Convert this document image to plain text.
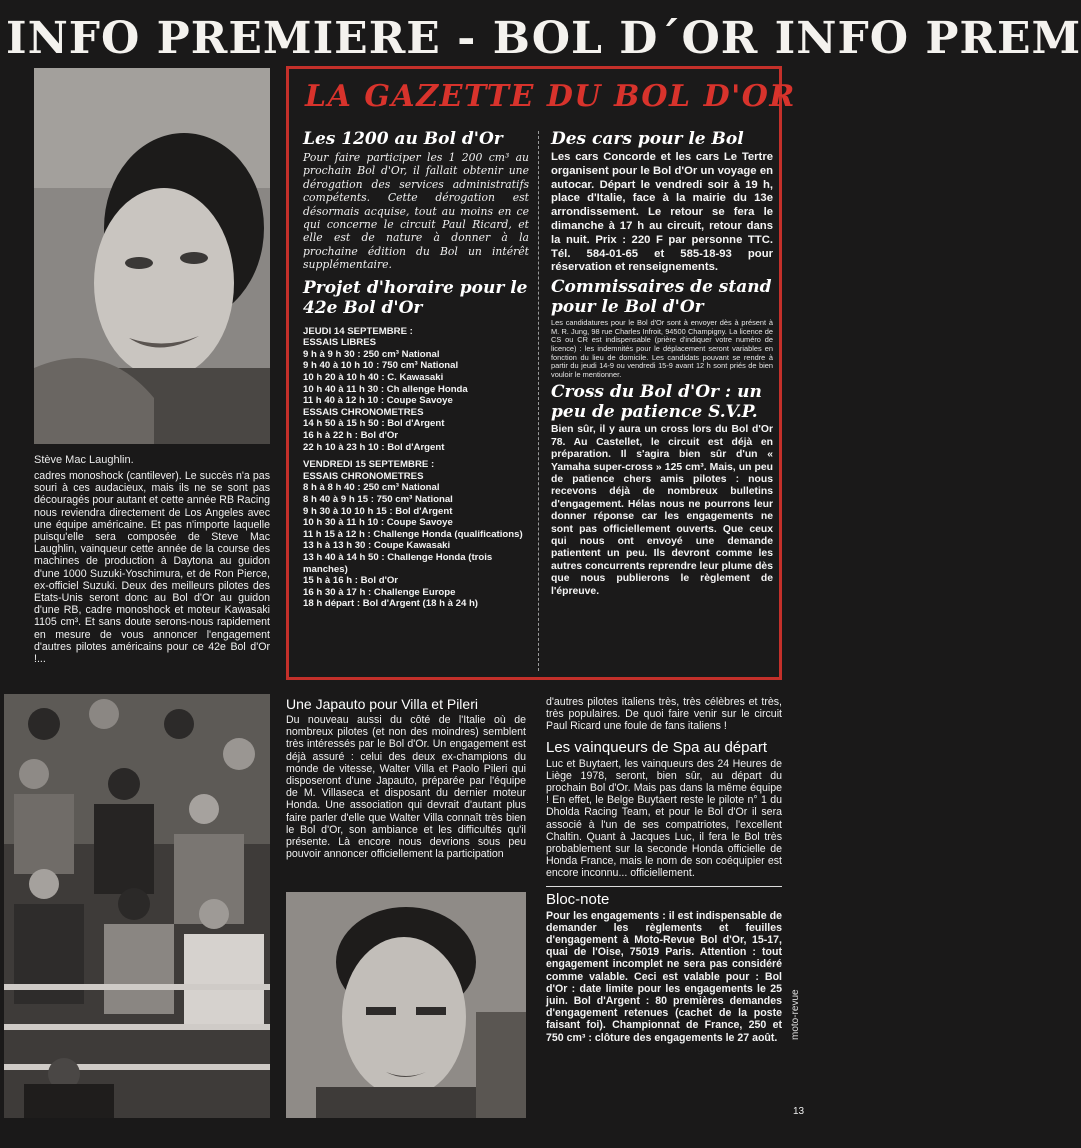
INFO PREMIERE - BOL D´OR INFO PREM
Stève Mac Laughlin.
cadres monoshock (cantilever). Le succès n'a pas souri à ces audacieux, mais ils ne se sont pas découragés pour autant et cette année RB Racing nous reviendra directement de Los Angeles avec une équipe américaine. Et pas n'importe laquelle puisqu'elle sera composée de Steve Mac Laughlin, vainqueur cette année de la course des machines de production à Daytona au guidon d'une 1000 Suzuki-Yoschimura, et de Ron Pierce, ex-officiel Suzuki. Deux des meilleurs pilotes des Etats-Unis seront donc au Bol d'Or au guidon d'une RB, cadre monoshock et moteur Kawasaki 1105 cm³. Et sans doute serons-nous rapidement en mesure de vous annoncer l'engagement d'autres pilotes américains pour ce 42e Bol d'Or !...
LA GAZETTE DU BOL D'OR
Les 1200 au Bol d'Or
Pour faire participer les 1 200 cm³ au prochain Bol d'Or, il fallait obtenir une dérogation des services administratifs compétents. Cette dérogation est désormais acquise, tout au moins en ce qui concerne le circuit Paul Ricard, et elle est de nature à donner à la prochaine édition du Bol un intérêt supplémentaire.
Projet d'horaire pour le 42e Bol d'Or
JEUDI 14 SEPTEMBRE :
ESSAIS LIBRES
9 h à 9 h 30 : 250 cm³ National
9 h 40 à 10 h 10 : 750 cm³ National
10 h 20 à 10 h 40 : C. Kawasaki
10 h 40 à 11 h 30 : Ch allenge Honda
11 h 40 à 12 h 10 : Coupe Savoye
ESSAIS CHRONOMETRES
14 h 50 à 15 h 50 : Bol d'Argent
16 h à 22 h : Bol d'Or
22 h 10 à 23 h 10 : Bol d'Argent
VENDREDI 15 SEPTEMBRE :
ESSAIS CHRONOMETRES
8 h à 8 h 40 : 250 cm³ National
8 h 40 à 9 h 15 : 750 cm³ National
9 h 30 à 10 10 h 15 : Bol d'Argent
10 h 30 à 11 h 10 : Coupe Savoye
11 h 15 à 12 h : Challenge Honda (qualifications)
13 h à 13 h 30 : Coupe Kawasaki
13 h 40 à 14 h 50 : Challenge Honda (trois manches)
15 h à 16 h : Bol d'Or
16 h 30 à 17 h : Challenge Europe
18 h départ : Bol d'Argent (18 h à 24 h)
Des cars pour le Bol
Les cars Concorde et les cars Le Tertre organisent pour le Bol d'Or un voyage en autocar. Départ le vendredi soir à 19 h, place d'Italie, face à la mairie du 13e arrondissement. Le retour se fera le dimanche à 17 h au circuit, retour dans la nuit. Prix : 220 F par personne TTC. Tél. 584-01-65 et 585-18-93 pour réservation et renseignements.
Commissaires de stand pour le Bol d'Or
Les candidatures pour le Bol d'Or sont à envoyer dès à présent à M. R. Jung, 98 rue Charles Infroit, 94500 Champigny. La licence de CS ou CR est indispensable (prière d'indiquer votre numéro de licence) : les indemnités pour le déplacement seront variables en fonction du lieu de domicile. Les candidats pouvant se rendre à partir du jeudi 14-9 ou vendredi 15-9 avant 12 h sont priés de bien vouloir le mentionner.
Cross du Bol d'Or : un peu de patience S.V.P.
Bien sûr, il y aura un cross lors du Bol d'Or 78. Au Castellet, le circuit est déjà en préparation. Il s'agira bien sûr d'un « Yamaha super-cross » 125 cm³. Mais, un peu de patience chers amis pilotes : nous recevons déjà de nombreux bulletins d'engagement. Hélas nous ne pourrons leur donner réponse car les engagements ne sont pas officiellement ouverts. Que ceux qui nous ont envoyé une demande patientent un peu. Ils devront comme les autres concurrents reprendre leur plume dès que nous publierons le règlement de l'épreuve.
Une Japauto pour Villa et Pileri
Du nouveau aussi du côté de l'Italie où de nombreux pilotes (et non des moindres) semblent très intéressés par le Bol d'Or. Un engagement est déjà assuré : celui des deux ex-champions du monde de vitesse, Walter Villa et Paolo Pileri qui disposeront d'une Japauto, préparée par l'équipe de M. Villaseca et disposant du dernier moteur Honda. Une association qui devrait d'autant plus faire parler d'elle que Walter Villa connaît très bien le Bol d'Or, son ambiance et les difficultés qu'il présente. Là encore nous devrions sous peu pouvoir annoncer officiellement la participation
d'autres pilotes italiens très, très célèbres et très, très populaires. De quoi faire venir sur le circuit Paul Ricard une foule de fans italiens !
Les vainqueurs de Spa au départ
Luc et Buytaert, les vainqueurs des 24 Heures de Liège 1978, seront, bien sûr, au départ du prochain Bol d'Or. Mais pas dans la même équipe ! En effet, le Belge Buytaert reste le pilote n° 1 du Dholda Racing Team, et pour le Bol d'Or il sera associé à l'un de ses compatriotes, l'excellent Chaltin. Quant à Jacques Luc, il fera le Bol très probablement sur la seconde Honda officielle de Honda France, mais le nom de son coéquipier est encore inconnu... officiellement.
Bloc-note
Pour les engagements : il est indispensable de demander les règlements et feuilles d'engagement à Moto-Revue Bol d'Or, 15-17, quai de l'Oise, 75019 Paris. Attention : tout engagement incomplet ne sera pas considéré comme valable. Ceci est valable pour : Bol d'Or : date limite pour les engagements le 25 juin. Bol d'Argent : 80 premières demandes d'engagement retenues (cachet de la poste faisant foi). Championnat de France, 250 et 750 cm³ : clôture des engagements le 27 août.	moto-revue
13
